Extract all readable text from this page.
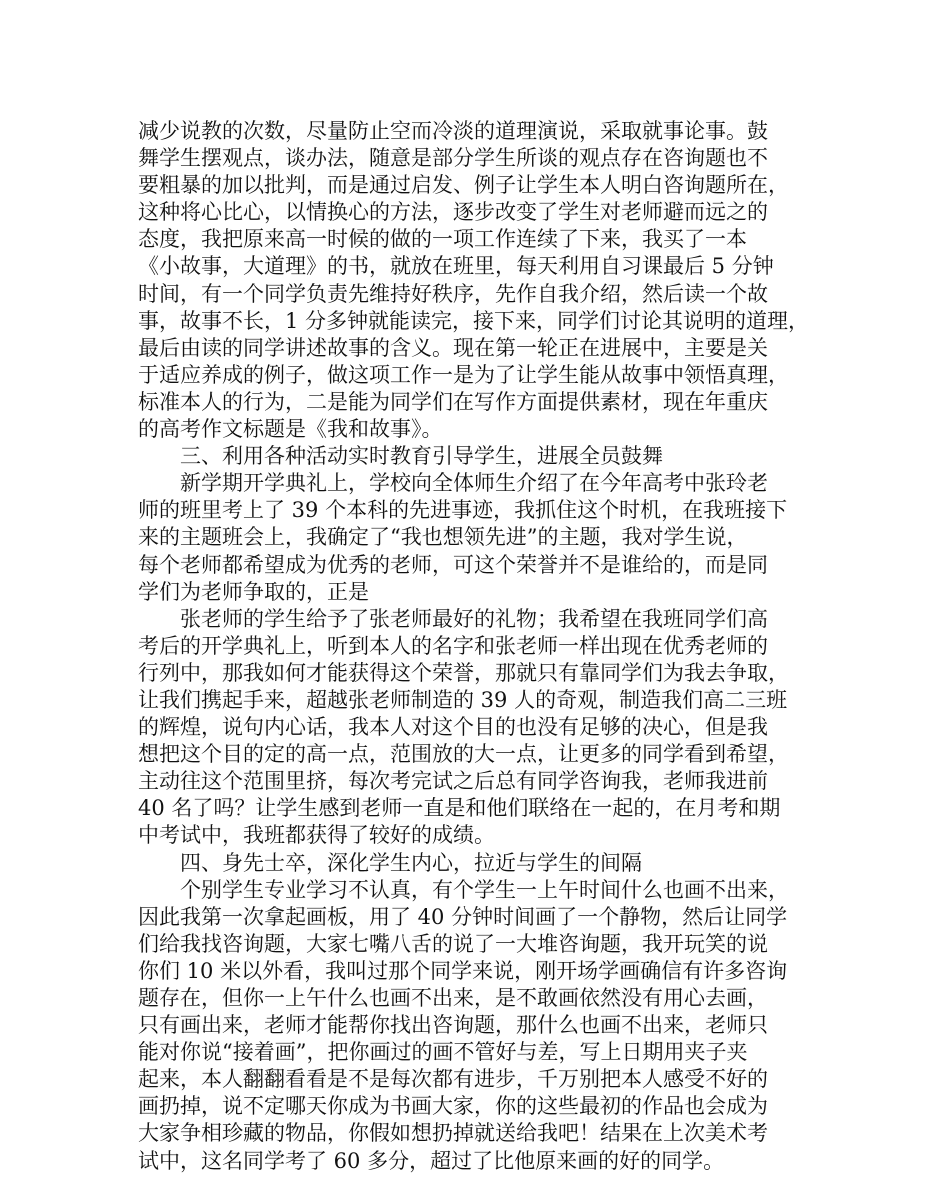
减少说教的次数，尽量防止空而冷淡的道理演说，采取就事论事。鼓
舞学生摆观点，谈办法，随意是部分学生所谈的观点存在咨询题也不
要粗暴的加以批判，而是通过启发、例子让学生本人明白咨询题所在，
这种将心比心，以情换心的方法，逐步改变了学生对老师避而远之的
态度，我把原来高一时候的做的一项工作连续了下来，我买了一本
《小故事，大道理》的书，就放在班里，每天利用自习课最后 5 分钟
时间，有一个同学负责先维持好秩序，先作自我介绍，然后读一个故
事，故事不长，1 分多钟就能读完，接下来，同学们讨论其说明的道理，
最后由读的同学讲述故事的含义。现在第一轮正在进展中，主要是关
于适应养成的例子，做这项工作一是为了让学生能从故事中领悟真理，
标准本人的行为，二是能为同学们在写作方面提供素材，现在年重庆
的高考作文标题是《我和故事》。
三、利用各种活动实时教育引导学生，进展全员鼓舞
新学期开学典礼上，学校向全体师生介绍了在今年高考中张玲老
师的班里考上了 39 个本科的先进事迹，我抓住这个时机，在我班接下
来的主题班会上，我确定了“我也想领先进”的主题，我对学生说，
每个老师都希望成为优秀的老师，可这个荣誉并不是谁给的，而是同
学们为老师争取的，正是
张老师的学生给予了张老师最好的礼物；我希望在我班同学们高
考后的开学典礼上，听到本人的名字和张老师一样出现在优秀老师的
行列中，那我如何才能获得这个荣誉，那就只有靠同学们为我去争取，
让我们携起手来，超越张老师制造的 39 人的奇观，制造我们高二三班
的辉煌，说句内心话，我本人对这个目的也没有足够的决心，但是我
想把这个目的定的高一点，范围放的大一点，让更多的同学看到希望，
主动往这个范围里挤，每次考完试之后总有同学咨询我，老师我进前
40 名了吗？让学生感到老师一直是和他们联络在一起的，在月考和期
中考试中，我班都获得了较好的成绩。
四、身先士卒，深化学生内心，拉近与学生的间隔
个别学生专业学习不认真，有个学生一上午时间什么也画不出来，
因此我第一次拿起画板，用了 40 分钟时间画了一个静物，然后让同学
们给我找咨询题，大家七嘴八舌的说了一大堆咨询题，我开玩笑的说
你们 10 米以外看，我叫过那个同学来说，刚开场学画确信有许多咨询
题存在，但你一上午什么也画不出来，是不敢画依然没有用心去画，
只有画出来，老师才能帮你找出咨询题，那什么也画不出来，老师只
能对你说“接着画”，把你画过的画不管好与差，写上日期用夹子夹
起来，本人翻翻看看是不是每次都有进步，千万别把本人感受不好的
画扔掉，说不定哪天你成为书画大家，你的这些最初的作品也会成为
大家争相珍藏的物品，你假如想扔掉就送给我吧！结果在上次美术考
试中，这名同学考了 60 多分，超过了比他原来画的好的同学。
